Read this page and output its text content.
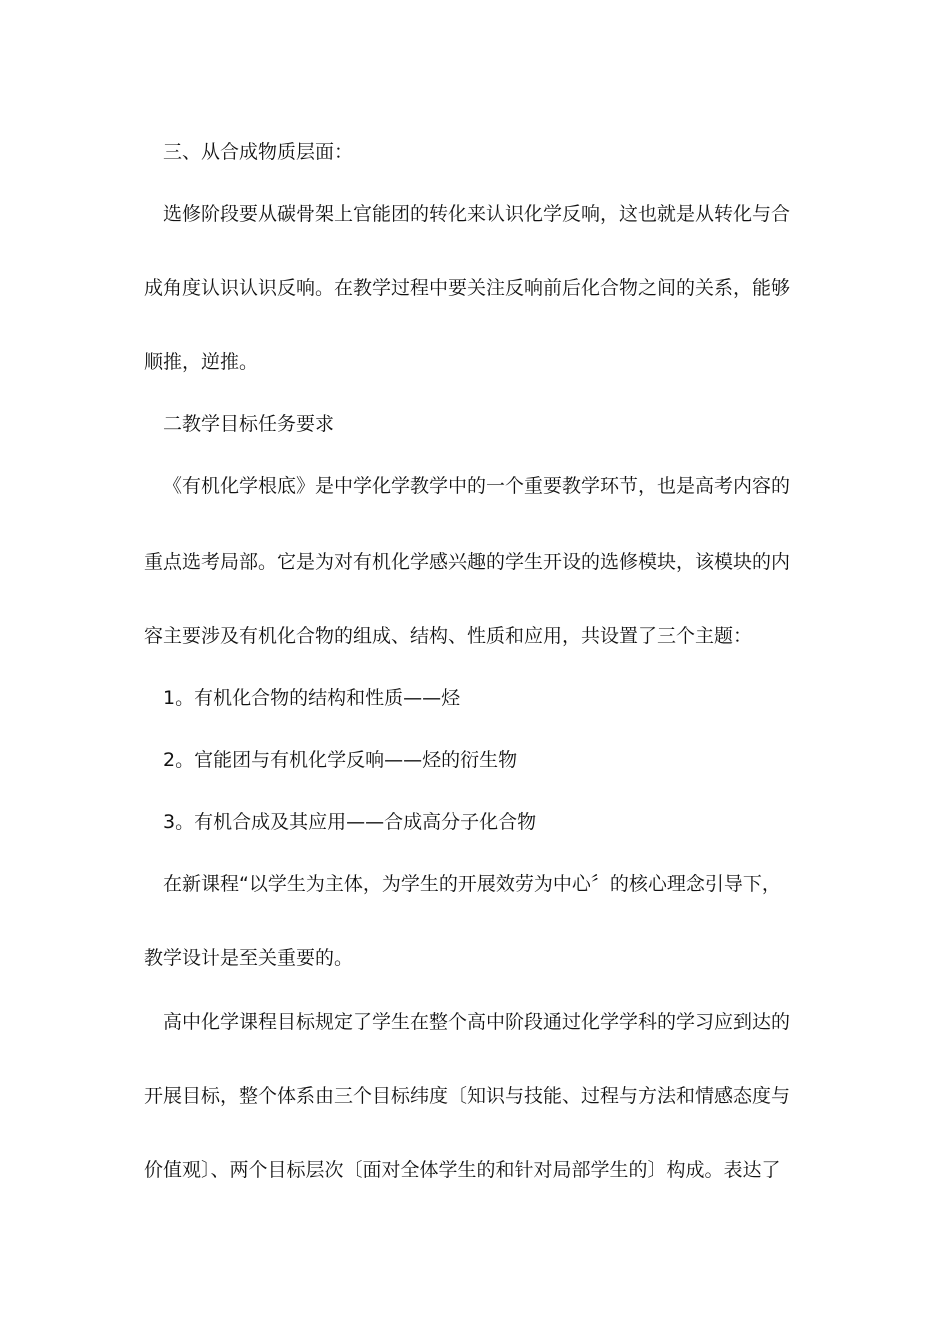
三、从合成物质层面：
选修阶段要从碳骨架上官能团的转化来认识化学反响，这也就是从转化与合
成角度认识认识反响。在教学过程中要关注反响前后化合物之间的关系，能够
顺推，逆推。
二教学目标任务要求
《有机化学根底》是中学化学教学中的一个重要教学环节，也是高考内容的
重点选考局部。它是为对有机化学感兴趣的学生开设的选修模块，该模块的内
容主要涉及有机化合物的组成、结构、性质和应用，共设置了三个主题：
1。有机化合物的结构和性质——烃
2。官能团与有机化学反响——烃的衍生物
3。有机合成及其应用——合成高分子化合物
在新课程“以学生为主体，为学生的开展效劳为中心〞的核心理念引导下，
教学设计是至关重要的。
高中化学课程目标规定了学生在整个高中阶段通过化学学科的学习应到达的
开展目标，整个体系由三个目标纬度〔知识与技能、过程与方法和情感态度与
价值观〕、两个目标层次〔面对全体学生的和针对局部学生的〕构成。表达了
